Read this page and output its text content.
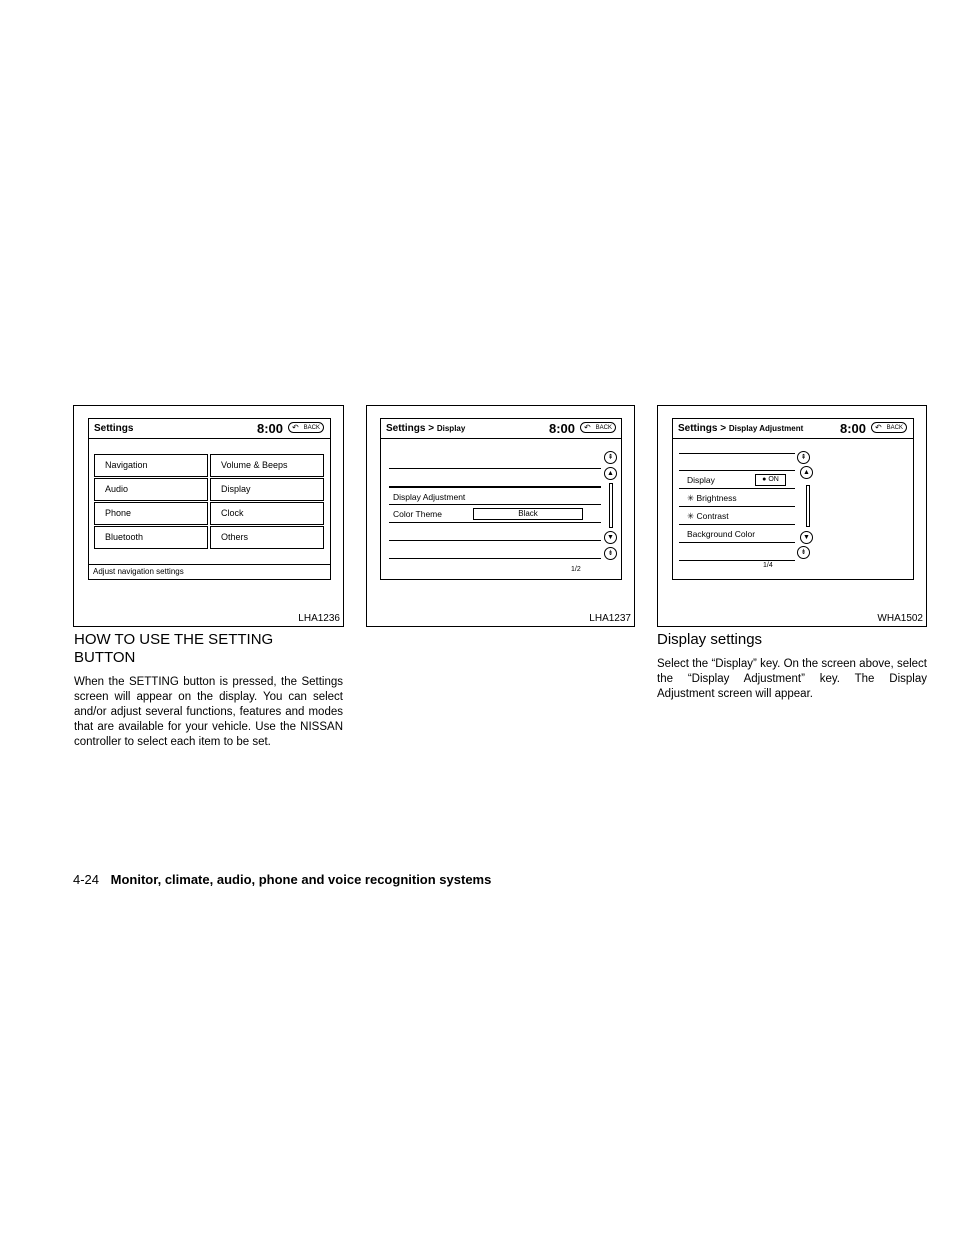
Settings	8:00	↶ BACK
Navigation
Audio
Phone
Bluetooth
Volume & Beeps
Display
Clock
Others
Adjust navigation settings
LHA1236
Settings > Display	8:00	↶ BACK
Display Adjustment
Color Theme	Black
⇞
▲
▼
⇟
1/2
LHA1237
Settings > Display Adjustment	8:00	↶ BACK
Display	● ON
✳ Brightness
✳ Contrast
Background Color
⇞
▲
▼
⇟
1/4
WHA1502
HOW TO USE THE SETTING
BUTTON

When the SETTING button is pressed, the Settings screen will appear on the display. You can select and/or adjust several functions, features and modes that are available for your vehicle. Use the NISSAN controller to select each item to be set.

Display settings

Select the “Display” key. On the screen above, select the “Display Adjustment” key. The Display Adjustment screen will appear.

4-24 Monitor, climate, audio, phone and voice recognition systems
